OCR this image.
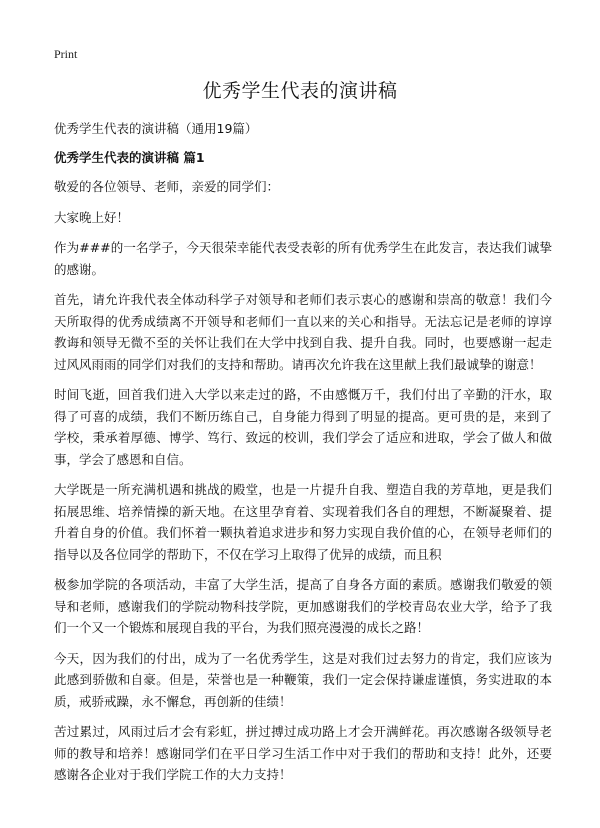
Print
优秀学生代表的演讲稿

优秀学生代表的演讲稿（通用19篇）

优秀学生代表的演讲稿 篇1

敬爱的各位领导、老师，亲爱的同学们：

大家晚上好！

作为###的一名学子，今天很荣幸能代表受表彰的所有优秀学生在此发言，表达我们诚挚的感谢。

首先，请允许我代表全体动科学子对领导和老师们表示衷心的感谢和崇高的敬意！我们今天所取得的优秀成绩离不开领导和老师们一直以来的关心和指导。无法忘记是老师的谆谆教诲和领导无微不至的关怀让我们在大学中找到自我、提升自我。同时，也要感谢一起走过风风雨雨的同学们对我们的支持和帮助。请再次允许我在这里献上我们最诚挚的谢意！

时间飞逝，回首我们进入大学以来走过的路，不由感慨万千，我们付出了辛勤的汗水，取得了可喜的成绩，我们不断历练自己，自身能力得到了明显的提高。更可贵的是，来到了学校，秉承着厚德、博学、笃行、致远的校训，我们学会了适应和进取，学会了做人和做事，学会了感恩和自信。

大学既是一所充满机遇和挑战的殿堂，也是一片提升自我、塑造自我的芳草地，更是我们拓展思维、培养情操的新天地。在这里孕育着、实现着我们各自的理想，不断凝聚着、提升着自身的价值。我们怀着一颗执着追求进步和努力实现自我价值的心，在领导老师们的指导以及各位同学的帮助下，不仅在学习上取得了优异的成绩，而且积

极参加学院的各项活动，丰富了大学生活，提高了自身各方面的素质。感谢我们敬爱的领导和老师，感谢我们的学院动物科技学院，更加感谢我们的学校青岛农业大学，给予了我们一个又一个锻炼和展现自我的平台，为我们照亮漫漫的成长之路！

今天，因为我们的付出，成为了一名优秀学生，这是对我们过去努力的肯定，我们应该为此感到骄傲和自豪。但是，荣誉也是一种鞭策，我们一定会保持谦虚谨慎，务实进取的本质，戒骄戒躁，永不懈怠，再创新的佳绩！

苦过累过，风雨过后才会有彩虹，拼过搏过成功路上才会开满鲜花。再次感谢各级领导老师的教导和培养！感谢同学们在平日学习生活工作中对于我们的帮助和支持！此外，还要感谢各企业对于我们学院工作的大力支持！
